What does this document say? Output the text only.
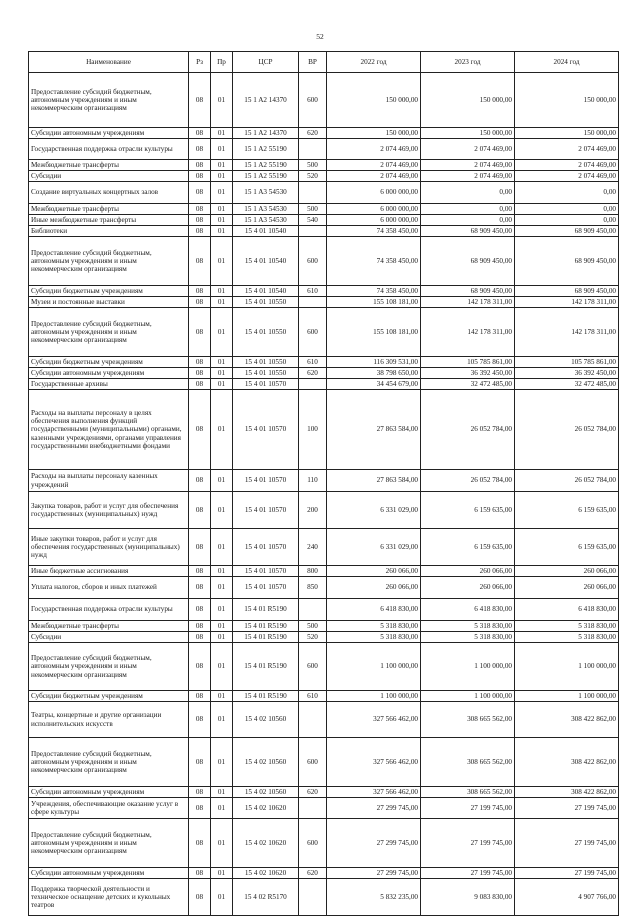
52
Наименование	Рз	Пр	ЦСР	ВР	2022 год	2023 год	2024 год
Предоставление субсидий бюджетным, автономным учреждениям и иным некоммерческим организациям	08	01	15 1 A2 14370	600	150 000,00	150 000,00	150 000,00
Субсидии автономным учреждениям	08	01	15 1 A2 14370	620	150 000,00	150 000,00	150 000,00
Государственная поддержка отрасли культуры	08	01	15 1 A2 55190		2 074 469,00	2 074 469,00	2 074 469,00
Межбюджетные трансферты	08	01	15 1 A2 55190	500	2 074 469,00	2 074 469,00	2 074 469,00
Субсидии	08	01	15 1 A2 55190	520	2 074 469,00	2 074 469,00	2 074 469,00
Создание виртуальных концертных залов	08	01	15 1 A3 54530		6 000 000,00	0,00	0,00
Межбюджетные трансферты	08	01	15 1 A3 54530	500	6 000 000,00	0,00	0,00
Иные межбюджетные трансферты	08	01	15 1 A3 54530	540	6 000 000,00	0,00	0,00
Библиотеки	08	01	15 4 01 10540		74 358 450,00	68 909 450,00	68 909 450,00
Предоставление субсидий бюджетным, автономным учреждениям и иным некоммерческим организациям	08	01	15 4 01 10540	600	74 358 450,00	68 909 450,00	68 909 450,00
Субсидии бюджетным учреждениям	08	01	15 4 01 10540	610	74 358 450,00	68 909 450,00	68 909 450,00
Музеи и постоянные выставки	08	01	15 4 01 10550		155 108 181,00	142 178 311,00	142 178 311,00
Предоставление субсидий бюджетным, автономным учреждениям и иным некоммерческим организациям	08	01	15 4 01 10550	600	155 108 181,00	142 178 311,00	142 178 311,00
Субсидии бюджетным учреждениям	08	01	15 4 01 10550	610	116 309 531,00	105 785 861,00	105 785 861,00
Субсидии автономным учреждениям	08	01	15 4 01 10550	620	38 798 650,00	36 392 450,00	36 392 450,00
Государственные архивы	08	01	15 4 01 10570		34 454 679,00	32 472 485,00	32 472 485,00
Расходы на выплаты персоналу в целях обеспечения выполнения функций государственными (муниципальными) органами, казенными учреждениями, органами управления государственными внебюджетными фондами	08	01	15 4 01 10570	100	27 863 584,00	26 052 784,00	26 052 784,00
Расходы на выплаты персоналу казенных учреждений	08	01	15 4 01 10570	110	27 863 584,00	26 052 784,00	26 052 784,00
Закупка товаров, работ и услуг для обеспечения государственных (муниципальных) нужд	08	01	15 4 01 10570	200	6 331 029,00	6 159 635,00	6 159 635,00
Иные закупки товаров, работ и услуг для обеспечения государственных (муниципальных) нужд	08	01	15 4 01 10570	240	6 331 029,00	6 159 635,00	6 159 635,00
Иные бюджетные ассигнования	08	01	15 4 01 10570	800	260 066,00	260 066,00	260 066,00
Уплата налогов, сборов и иных платежей	08	01	15 4 01 10570	850	260 066,00	260 066,00	260 066,00
Государственная поддержка отрасли культуры	08	01	15 4 01 R5190		6 418 830,00	6 418 830,00	6 418 830,00
Межбюджетные трансферты	08	01	15 4 01 R5190	500	5 318 830,00	5 318 830,00	5 318 830,00
Субсидии	08	01	15 4 01 R5190	520	5 318 830,00	5 318 830,00	5 318 830,00
Предоставление субсидий бюджетным, автономным учреждениям и иным некоммерческим организациям	08	01	15 4 01 R5190	600	1 100 000,00	1 100 000,00	1 100 000,00
Субсидии бюджетным учреждениям	08	01	15 4 01 R5190	610	1 100 000,00	1 100 000,00	1 100 000,00
Театры, концертные и другие организации исполнительских искусств	08	01	15 4 02 10560		327 566 462,00	308 665 562,00	308 422 862,00
Предоставление субсидий бюджетным, автономным учреждениям и иным некоммерческим организациям	08	01	15 4 02 10560	600	327 566 462,00	308 665 562,00	308 422 862,00
Субсидии автономным учреждениям	08	01	15 4 02 10560	620	327 566 462,00	308 665 562,00	308 422 862,00
Учреждения, обеспечивающие оказание услуг в сфере культуры	08	01	15 4 02 10620		27 299 745,00	27 199 745,00	27 199 745,00
Предоставление субсидий бюджетным, автономным учреждениям и иным некоммерческим организациям	08	01	15 4 02 10620	600	27 299 745,00	27 199 745,00	27 199 745,00
Субсидии автономным учреждениям	08	01	15 4 02 10620	620	27 299 745,00	27 199 745,00	27 199 745,00
Поддержка творческой деятельности и техническое оснащение детских и кукольных театров	08	01	15 4 02 R5170		5 832 235,00	9 083 830,00	4 907 766,00
